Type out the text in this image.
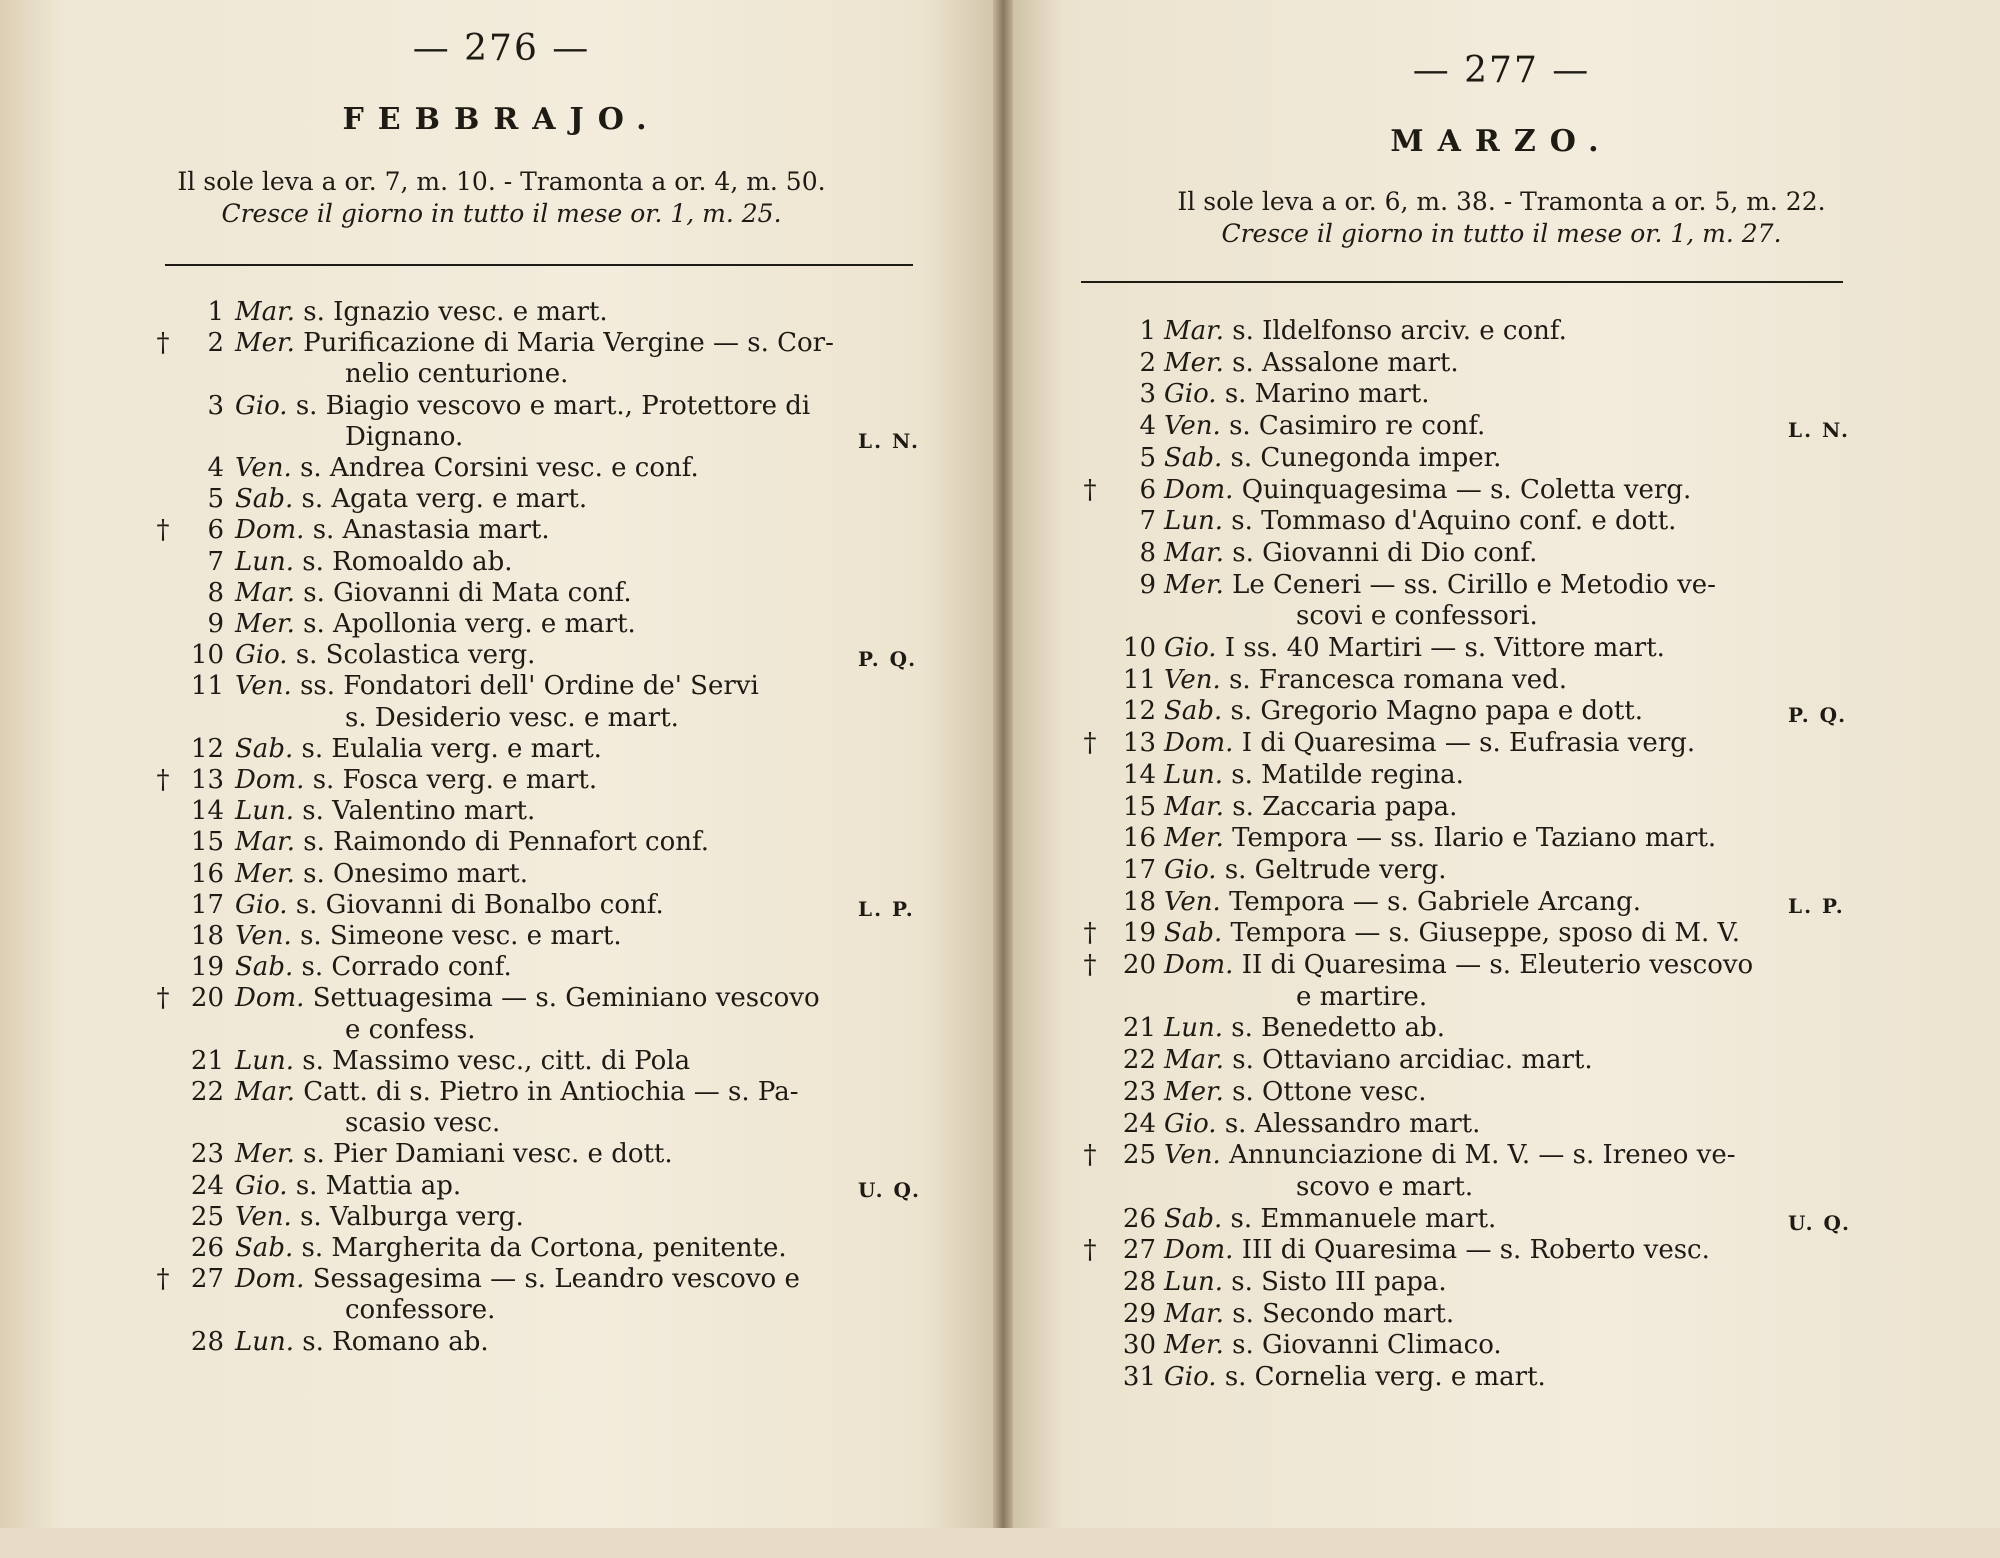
— 276 —
FEBBRAJO.
Il sole leva a or. 7, m. 10. - Tramonta a or. 4, m. 50.
Cresce il giorno in tutto il mese or. 1, m. 25.
1 Mar. s. Ignazio vesc. e mart.
†	2 Mer. Purificazione di Maria Vergine — s. Cor-
nelio centurione.
3 Gio. s. Biagio vescovo e mart., Protettore di
Dignano.	L. N.
4 Ven. s. Andrea Corsini vesc. e conf.
5 Sab. s. Agata verg. e mart.
†	6 Dom. s. Anastasia mart.
7 Lun. s. Romoaldo ab.
8 Mar. s. Giovanni di Mata conf.
9 Mer. s. Apollonia verg. e mart.
10 Gio. s. Scolastica verg.	P. Q.
11 Ven. ss. Fondatori dell' Ordine de' Servi
s. Desiderio vesc. e mart.
12 Sab. s. Eulalia verg. e mart.
† 13 Dom. s. Fosca verg. e mart.
14 Lun. s. Valentino mart.
15 Mar. s. Raimondo di Pennafort conf.
16 Mer. s. Onesimo mart.
17 Gio. s. Giovanni di Bonalbo conf.	L. P.
18 Ven. s. Simeone vesc. e mart.
19 Sab. s. Corrado conf.
† 20 Dom. Settuagesima — s. Geminiano vescovo
e confess.
21 Lun. s. Massimo vesc., citt. di Pola
22 Mar. Catt. di s. Pietro in Antiochia — s. Pa-
scasio vesc.
23 Mer. s. Pier Damiani vesc. e dott.
24 Gio. s. Mattia ap.	U. Q.
25 Ven. s. Valburga verg.
26 Sab. s. Margherita da Cortona, penitente.
† 27 Dom. Sessagesima — s. Leandro vescovo e
confessore.
28 Lun. s. Romano ab.
— 277 —
MARZO.
Il sole leva a or. 6, m. 38. - Tramonta a or. 5, m. 22.
Cresce il giorno in tutto il mese or. 1, m. 27.
1 Mar. s. Ildelfonso arciv. e conf.
2 Mer. s. Assalone mart.
3 Gio. s. Marino mart.
4 Ven. s. Casimiro re conf.	L. N.
5 Sab. s. Cunegonda imper.
†	6 Dom. Quinquagesima — s. Coletta verg.
7 Lun. s. Tommaso d'Aquino conf. e dott.
8 Mar. s. Giovanni di Dio conf.
9 Mer. Le Ceneri — ss. Cirillo e Metodio ve-
scovi e confessori.
10 Gio. I ss. 40 Martiri — s. Vittore mart.
11 Ven. s. Francesca romana ved.
12 Sab. s. Gregorio Magno papa e dott.	P. Q.
†	13 Dom. I di Quaresima — s. Eufrasia verg.
14 Lun. s. Matilde regina.
15 Mar. s. Zaccaria papa.
16 Mer. Tempora — ss. Ilario e Taziano mart.
17 Gio. s. Geltrude verg.
18 Ven. Tempora — s. Gabriele Arcang.	L. P.
†	19 Sab. Tempora — s. Giuseppe, sposo di M. V.
†	20 Dom. II di Quaresima — s. Eleuterio vescovo
e martire.
21 Lun. s. Benedetto ab.
22 Mar. s. Ottaviano arcidiac. mart.
23 Mer. s. Ottone vesc.
24 Gio. s. Alessandro mart.
†	25 Ven. Annunciazione di M. V. — s. Ireneo ve-
scovo e mart.
26 Sab. s. Emmanuele mart.	U. Q.
†	27 Dom. III di Quaresima — s. Roberto vesc.
28 Lun. s. Sisto III papa.
29 Mar. s. Secondo mart.
30 Mer. s. Giovanni Climaco.
31 Gio. s. Cornelia verg. e mart.
